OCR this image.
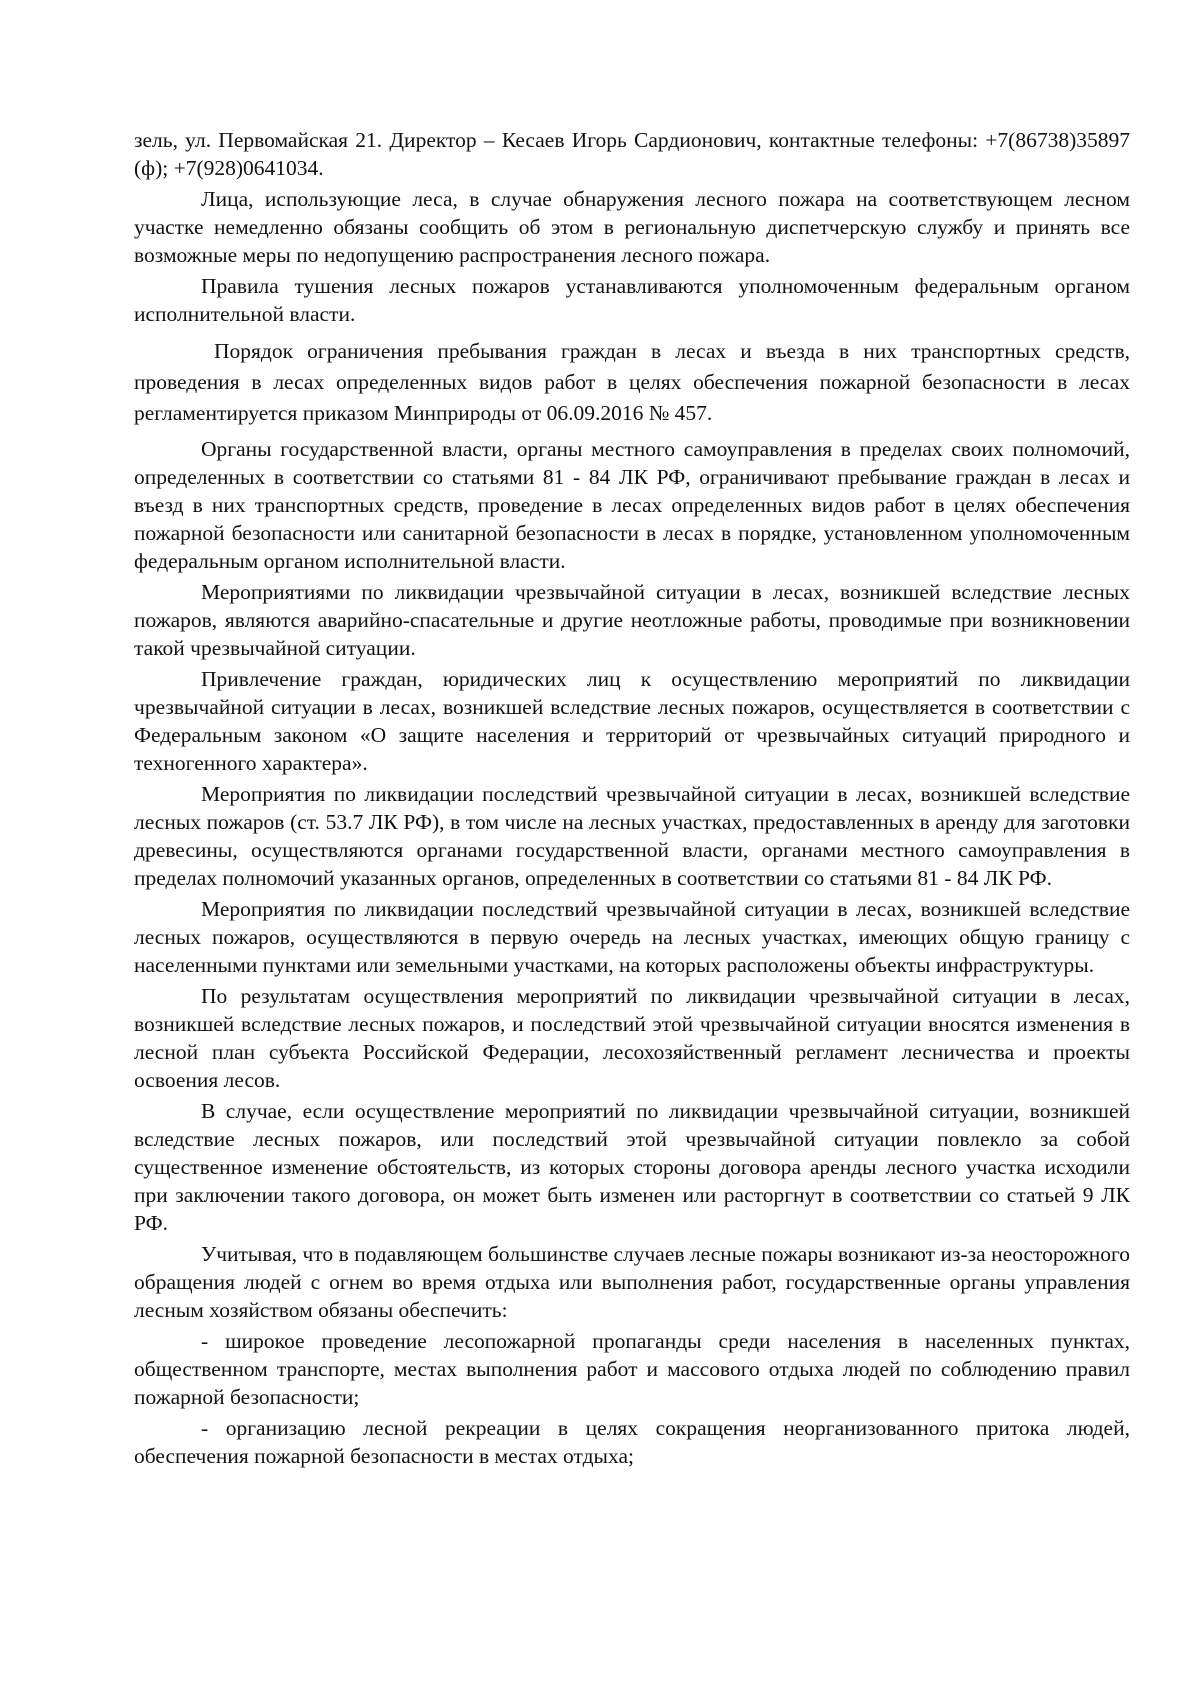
зель, ул. Первомайская 21. Директор – Кесаев Игорь Сардионович, контактные телефоны: +7(86738)35897 (ф); +7(928)0641034.

Лица, использующие леса, в случае обнаружения лесного пожара на соответствующем лесном участке немедленно обязаны сообщить об этом в региональную диспетчерскую службу и принять все возможные меры по недопущению распространения лесного пожара.

Правила тушения лесных пожаров устанавливаются уполномоченным федеральным органом исполнительной власти.

Порядок ограничения пребывания граждан в лесах и въезда в них транспортных средств, проведения в лесах определенных видов работ в целях обеспечения пожарной безопасности в лесах регламентируется приказом Минприроды от 06.09.2016 № 457.

Органы государственной власти, органы местного самоуправления в пределах своих полномочий, определенных в соответствии со статьями 81 - 84 ЛК РФ, ограничивают пребывание граждан в лесах и въезд в них транспортных средств, проведение в лесах определенных видов работ в целях обеспечения пожарной безопасности или санитарной безопасности в лесах в порядке, установленном уполномоченным федеральным органом исполнительной власти.

Мероприятиями по ликвидации чрезвычайной ситуации в лесах, возникшей вследствие лесных пожаров, являются аварийно-спасательные и другие неотложные работы, проводимые при возникновении такой чрезвычайной ситуации.

Привлечение граждан, юридических лиц к осуществлению мероприятий по ликвидации чрезвычайной ситуации в лесах, возникшей вследствие лесных пожаров, осуществляется в соответствии с Федеральным законом «О защите населения и территорий от чрезвычайных ситуаций природного и техногенного характера».

Мероприятия по ликвидации последствий чрезвычайной ситуации в лесах, возникшей вследствие лесных пожаров (ст. 53.7 ЛК РФ), в том числе на лесных участках, предоставленных в аренду для заготовки древесины, осуществляются органами государственной власти, органами местного самоуправления в пределах полномочий указанных органов, определенных в соответствии со статьями 81 - 84 ЛК РФ.

Мероприятия по ликвидации последствий чрезвычайной ситуации в лесах, возникшей вследствие лесных пожаров, осуществляются в первую очередь на лесных участках, имеющих общую границу с населенными пунктами или земельными участками, на которых расположены объекты инфраструктуры.

По результатам осуществления мероприятий по ликвидации чрезвычайной ситуации в лесах, возникшей вследствие лесных пожаров, и последствий этой чрезвычайной ситуации вносятся изменения в лесной план субъекта Российской Федерации, лесохозяйственный регламент лесничества и проекты освоения лесов.

В случае, если осуществление мероприятий по ликвидации чрезвычайной ситуации, возникшей вследствие лесных пожаров, или последствий этой чрезвычайной ситуации повлекло за собой существенное изменение обстоятельств, из которых стороны договора аренды лесного участка исходили при заключении такого договора, он может быть изменен или расторгнут в соответствии со статьей 9 ЛК РФ.

Учитывая, что в подавляющем большинстве случаев лесные пожары возникают из-за неосторожного обращения людей с огнем во время отдыха или выполнения работ, государственные органы управления лесным хозяйством обязаны обеспечить:

- широкое проведение лесопожарной пропаганды среди населения в населенных пунктах, общественном транспорте, местах выполнения работ и массового отдыха людей по соблюдению правил пожарной безопасности;

- организацию лесной рекреации в целях сокращения неорганизованного притока людей, обеспечения пожарной безопасности в местах отдыха;
